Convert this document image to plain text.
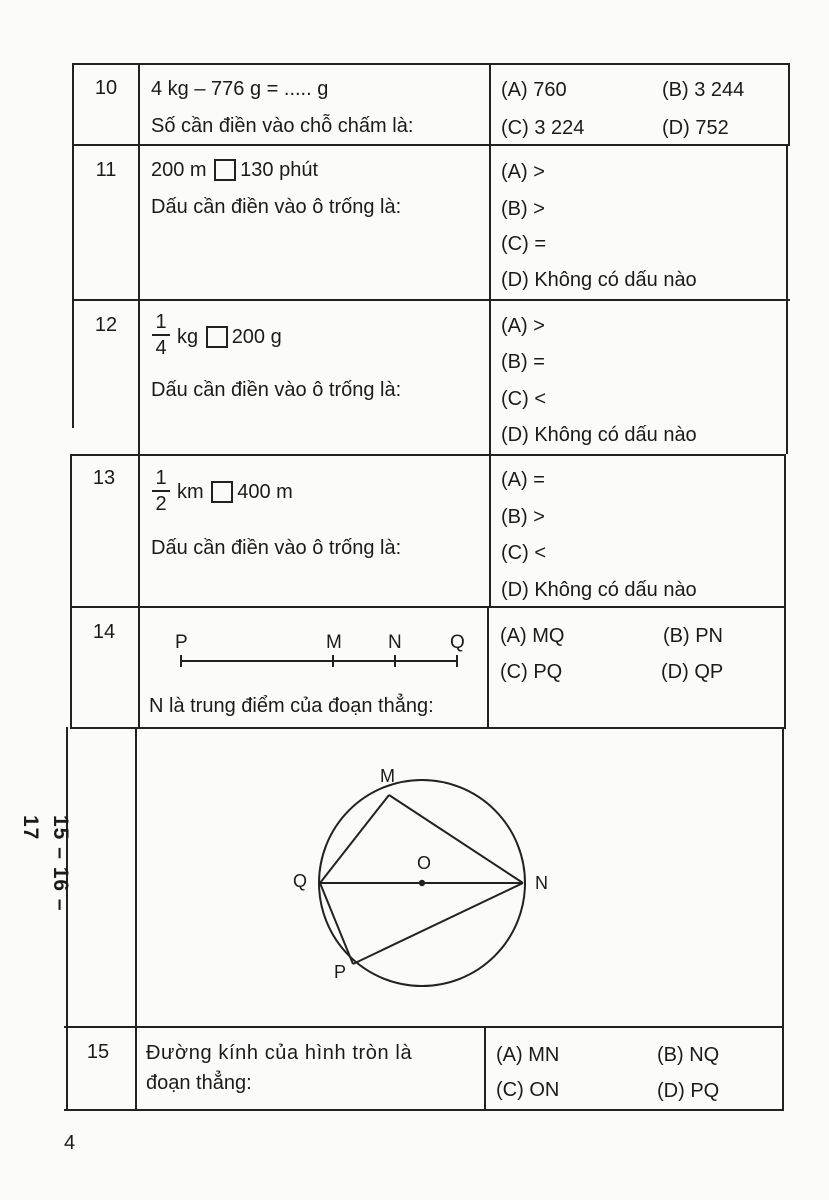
10	4 kg – 776 g = ..... g
Số cần điền vào chỗ chấm là:
(A) 760	(B) 3 244
(C) 3 224	(D) 752
11	200 m 130 phút
Dấu cần điền vào ô trống là:
(A) >
(B) >
(C) =
(D) Không có dấu nào
12	1
4 kg 200 g
Dấu cần điền vào ô trống là:
(A) >
(B) =
(C) <
(D) Không có dấu nào
13	1
2
km 400 m
Dấu cần điền vào ô trống là:
(A) =
(B) >
(C) <
(D) Không có dấu nào
14	P	M N	Q
N là trung điểm của đoạn thẳng:
(A) MQ	(B) PN
(C) PQ	(D) QP
15 – 16 – 17
M
N
O
Q
P
15	Đường kính của hình tròn là
đoạn thẳng:
(A) MN	(B) NQ
(C) ON	(D) PQ
4
